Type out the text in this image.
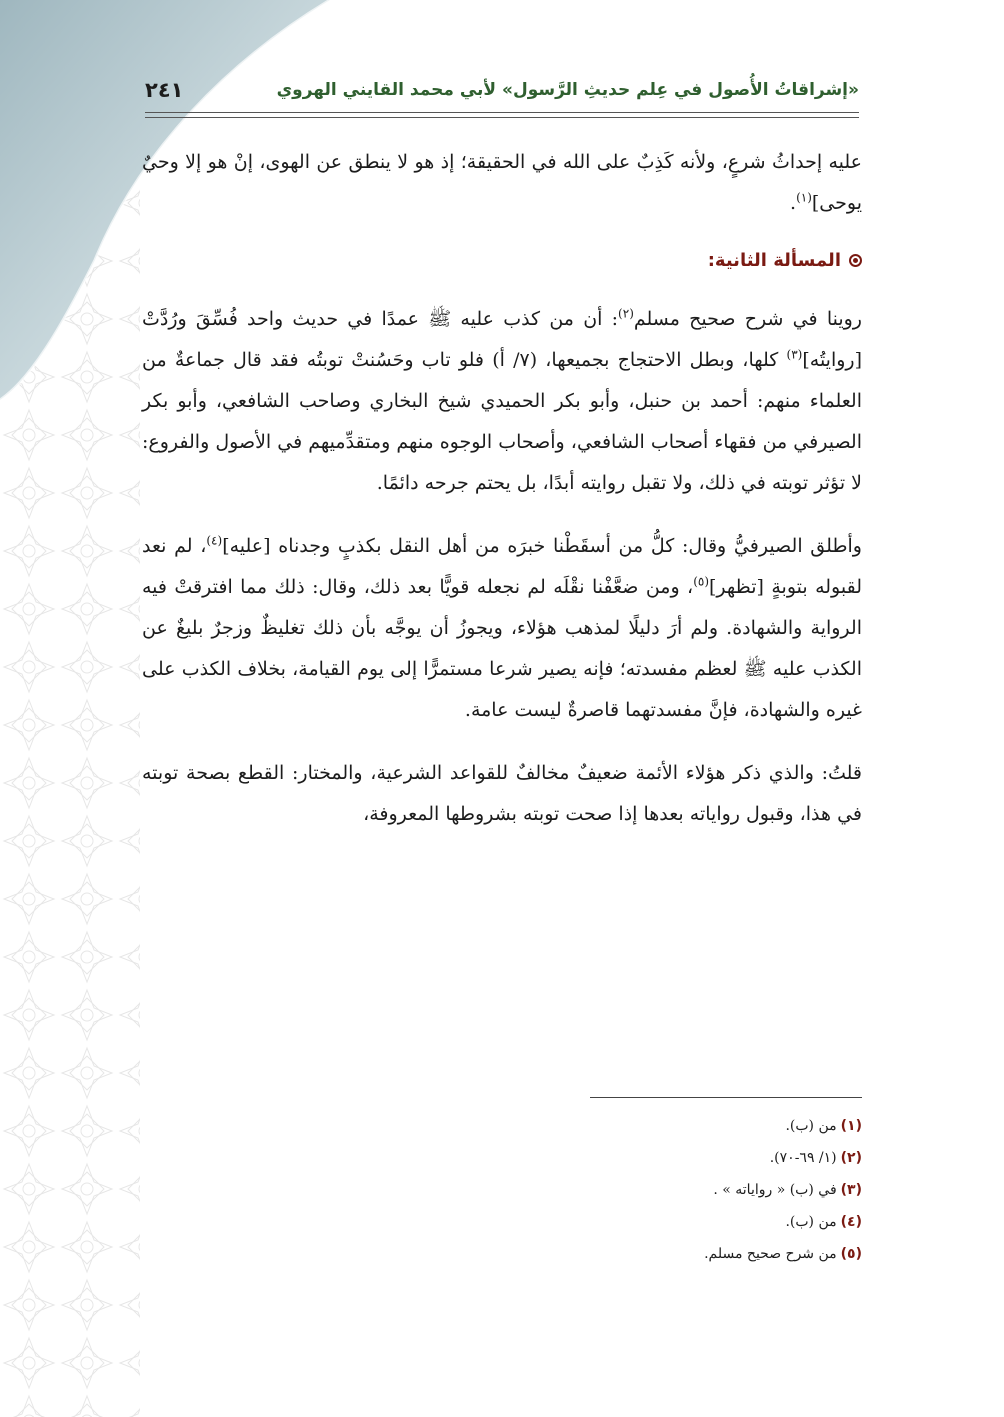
«إشراقاتُ الأُصول في عِلم حديثِ الرَّسول» لأبي محمد القايني الهروي
٢٤١

عليه إحداثُ شرعٍ، ولأنه كَذِبٌ على الله في الحقيقة؛ إذ هو لا ينطق عن الهوى، إنْ هو إلا وحيٌ يوحى]$^{(١)}$.

المسألة الثانية:

روينا في شرح صحيح مسلم$^{(٢)}$: أن من كذب عليه ﷺ عمدًا في حديث واحد فُسِّقَ ورُدَّتْ [روايتُه]$^{(٣)}$ كلها، وبطل الاحتجاج بجميعها، (٧/ أ) فلو تاب وحَسُنتْ توبتُه فقد قال جماعةٌ من العلماء منهم: أحمد بن حنبل، وأبو بكر الحميدي شيخ البخاري وصاحب الشافعي، وأبو بكر الصيرفي من فقهاء أصحاب الشافعي، وأصحاب الوجوه منهم ومتقدِّميهم في الأصول والفروع: لا تؤثر توبته في ذلك، ولا تقبل روايته أبدًا، بل يحتم جرحه دائمًا.

وأطلق الصيرفيُّ وقال: كلُّ من أسقَطْنا خبرَه من أهل النقل بكذبٍ وجدناه [عليه]$^{(٤)}$، لم نعد لقبوله بتوبةٍ [تظهر]$^{(٥)}$، ومن ضعَّفْنا نقْلَه لم نجعله قويًّا بعد ذلك، وقال: ذلك مما افترقتْ فيه الرواية والشهادة. ولم أرَ دليلًا لمذهب هؤلاء، ويجوزُ أن يوجَّه بأن ذلك تغليظٌ وزجرٌ بليغٌ عن الكذب عليه ﷺ لعظم مفسدته؛ فإنه يصير شرعا مستمرًّا إلى يوم القيامة، بخلاف الكذب على غيره والشهادة، فإنَّ مفسدتهما قاصرةٌ ليست عامة.

قلتُ: والذي ذكر هؤلاء الأئمة ضعيفٌ مخالفٌ للقواعد الشرعية، والمختار: القطع بصحة توبته في هذا، وقبول رواياته بعدها إذا صحت توبته بشروطها المعروفة،

(١)
من (ب).
(٢)
(١/ ٦٩-٧٠).
(٣)
في (ب) « رواياته » .
(٤)
من (ب).
(٥)
من شرح صحيح مسلم.
